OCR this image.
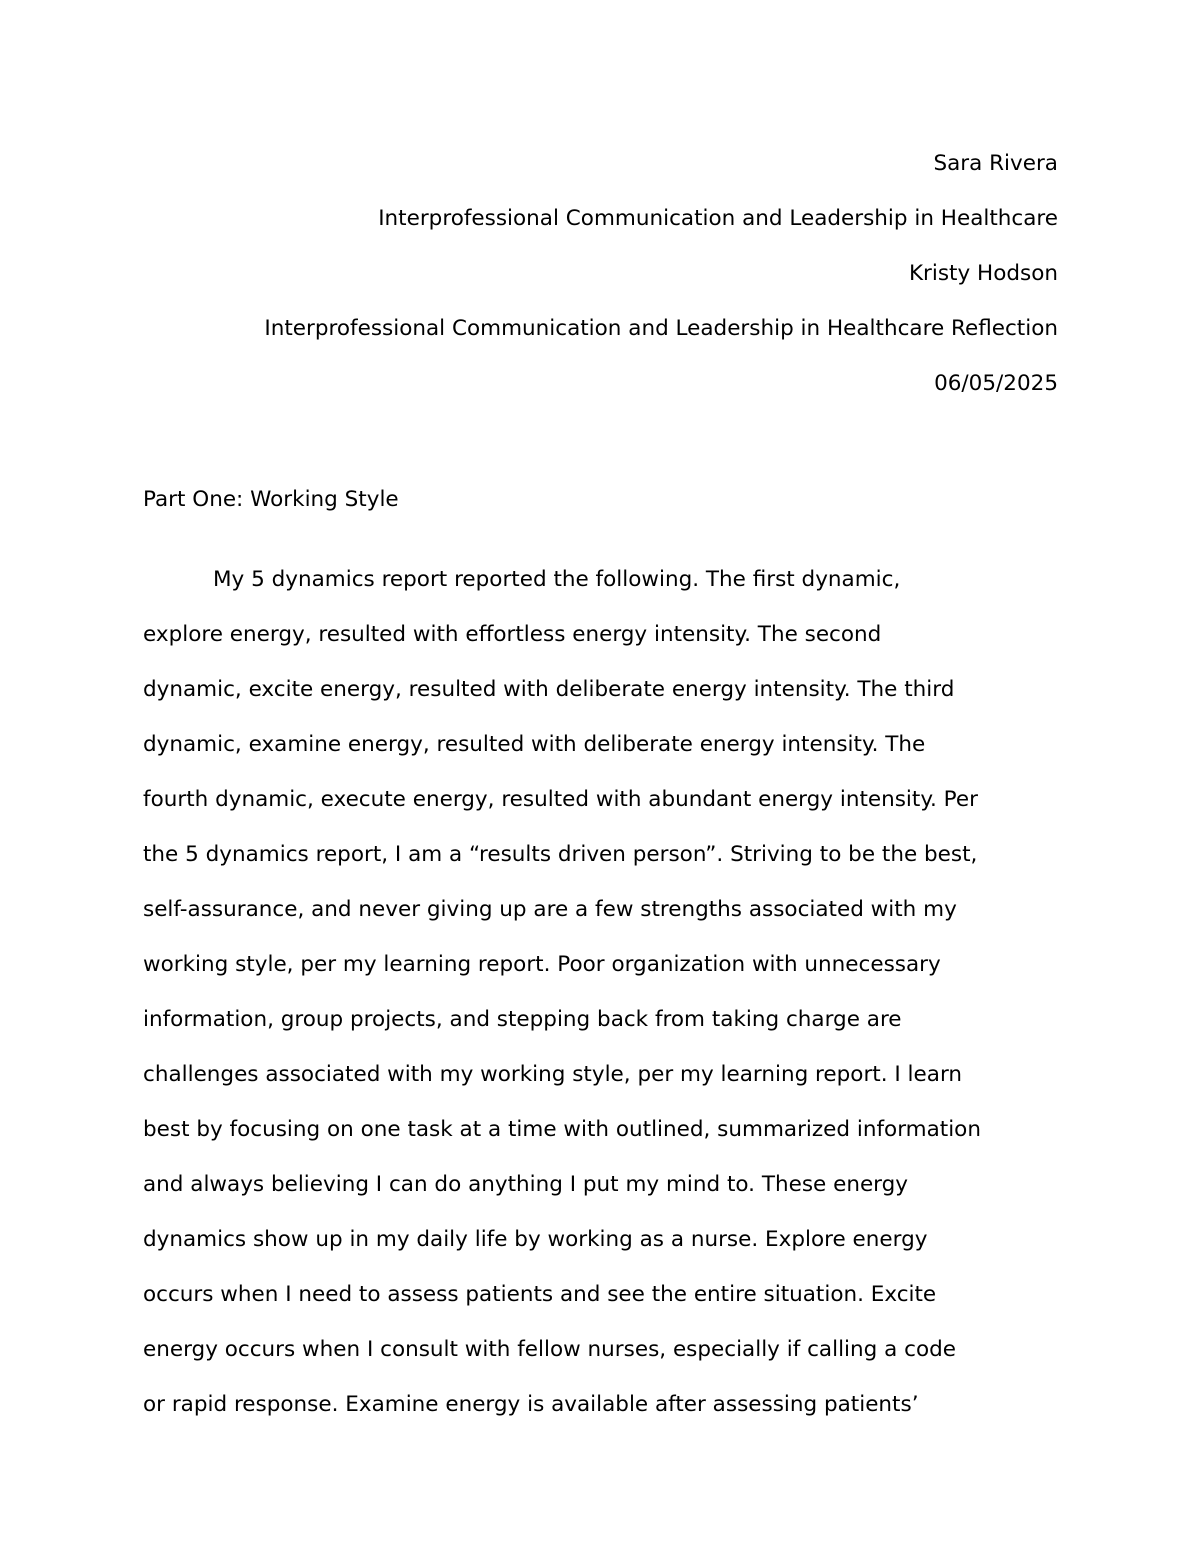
Sara Rivera
Interprofessional Communication and Leadership in Healthcare
Kristy Hodson
Interprofessional Communication and Leadership in Healthcare Reflection
06/05/2025
Part One: Working Style
My 5 dynamics report reported the following. The first dynamic,
explore energy, resulted with effortless energy intensity. The second
dynamic, excite energy, resulted with deliberate energy intensity. The third
dynamic, examine energy, resulted with deliberate energy intensity. The
fourth dynamic, execute energy, resulted with abundant energy intensity. Per
the 5 dynamics report, I am a “results driven person”. Striving to be the best,
self-assurance, and never giving up are a few strengths associated with my
working style, per my learning report. Poor organization with unnecessary
information, group projects, and stepping back from taking charge are
challenges associated with my working style, per my learning report. I learn
best by focusing on one task at a time with outlined, summarized information
and always believing I can do anything I put my mind to. These energy
dynamics show up in my daily life by working as a nurse. Explore energy
occurs when I need to assess patients and see the entire situation. Excite
energy occurs when I consult with fellow nurses, especially if calling a code
or rapid response. Examine energy is available after assessing patients’
